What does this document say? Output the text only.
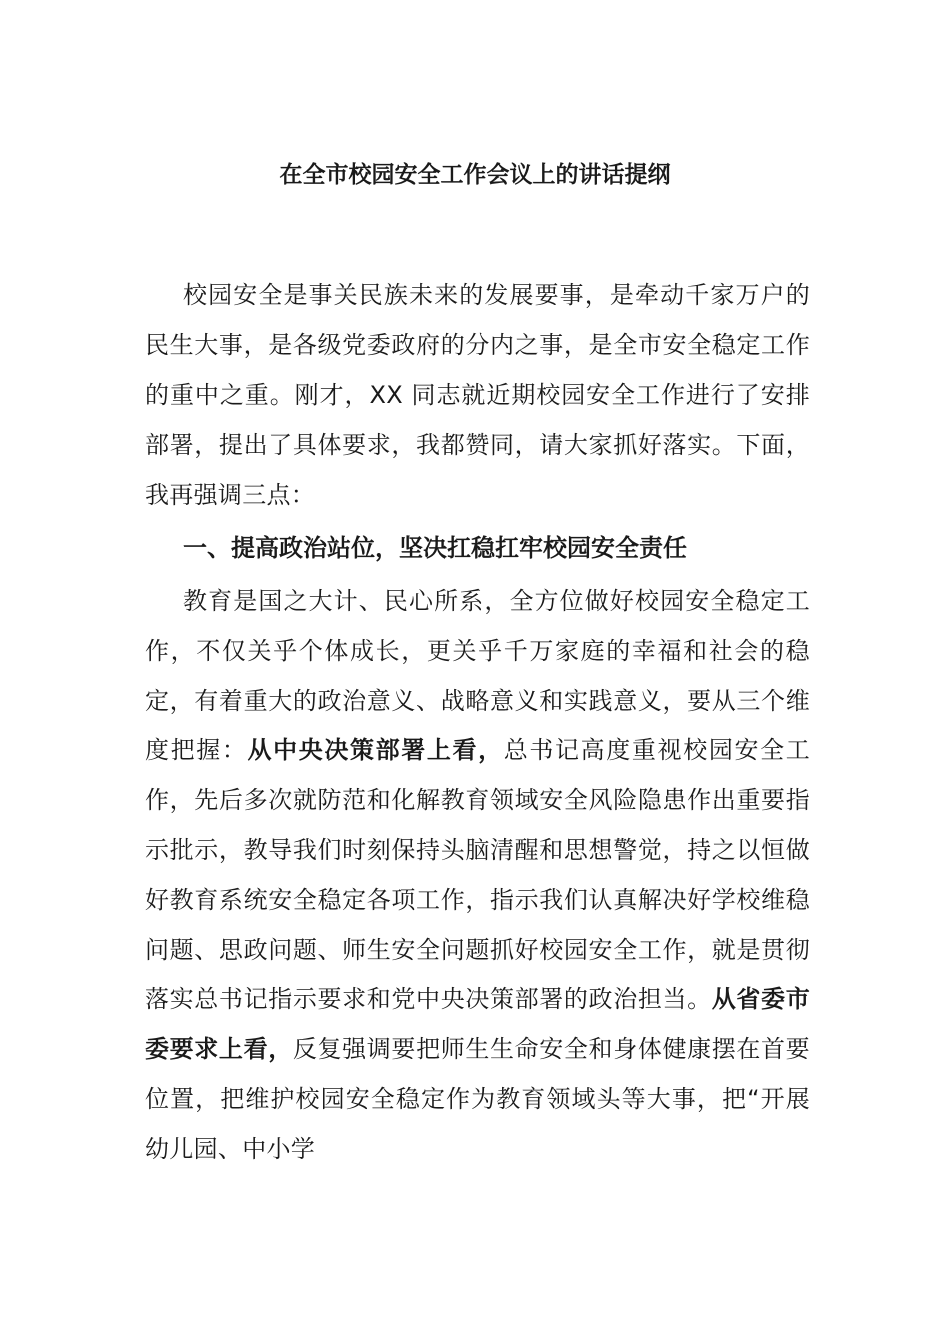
在全市校园安全工作会议上的讲话提纲

校园安全是事关民族未来的发展要事，是牵动千家万户的民生大事，是各级党委政府的分内之事，是全市安全稳定工作的重中之重。刚才，XX 同志就近期校园安全工作进行了安排部署，提出了具体要求，我都赞同，请大家抓好落实。下面，我再强调三点：

一、提高政治站位，坚决扛稳扛牢校园安全责任

教育是国之大计、民心所系，全方位做好校园安全稳定工作，不仅关乎个体成长，更关乎千万家庭的幸福和社会的稳定，有着重大的政治意义、战略意义和实践意义，要从三个维度把握：从中央决策部署上看，总书记高度重视校园安全工作，先后多次就防范和化解教育领域安全风险隐患作出重要指示批示，教导我们时刻保持头脑清醒和思想警觉，持之以恒做好教育系统安全稳定各项工作，指示我们认真解决好学校维稳问题、思政问题、师生安全问题抓好校园安全工作，就是贯彻落实总书记指示要求和党中央决策部署的政治担当。从省委市委要求上看，反复强调要把师生生命安全和身体健康摆在首要位置，把维护校园安全稳定作为教育领域头等大事，把“开展幼儿园、中小学
